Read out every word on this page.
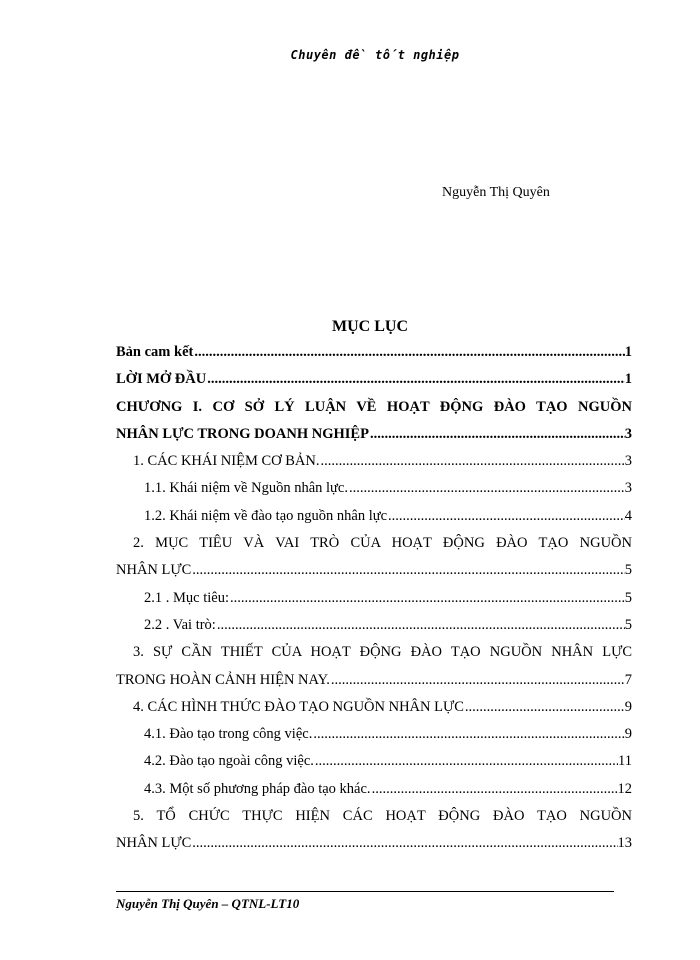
Chuyên đề tốt nghiệp
Nguyễn Thị Quyên
MỤC LỤC
Bản cam kết .....	1
LỜI MỞ ĐẦU .....	1
CHƯƠNG I. CƠ SỞ LÝ LUẬN VỀ HOẠT ĐỘNG ĐÀO TẠO NGUỒN
NHÂN LỰC TRONG DOANH NGHIỆP .....	3
1. CÁC KHÁI NIỆM CƠ BẢN. .....	3
1.1. Khái niệm về Nguồn nhân lực. .....	3
1.2. Khái niệm về đào tạo nguồn nhân lực .....	4
2. MỤC TIÊU VÀ VAI TRÒ CỦA HOẠT ĐỘNG ĐÀO TẠO NGUỒN
NHÂN LỰC .....	5
2.1 . Mục tiêu: .....	5
2.2 . Vai trò: .....	5
3. SỰ CẦN THIẾT CỦA HOẠT ĐỘNG ĐÀO TẠO NGUỒN NHÂN LỰC
TRONG HOÀN CẢNH HIỆN NAY. .....	7
4. CÁC HÌNH THỨC ĐÀO TẠO NGUỒN NHÂN LỰC .....	9
4.1. Đào tạo trong công việc. .....	9
4.2. Đào tạo ngoài công việc. .....	11
4.3. Một số phương pháp đào tạo khác. .....	12
5. TỔ CHỨC THỰC HIỆN CÁC HOẠT ĐỘNG ĐÀO TẠO NGUỒN
NHÂN LỰC .....	13
Nguyễn Thị Quyên – QTNL-LT10
